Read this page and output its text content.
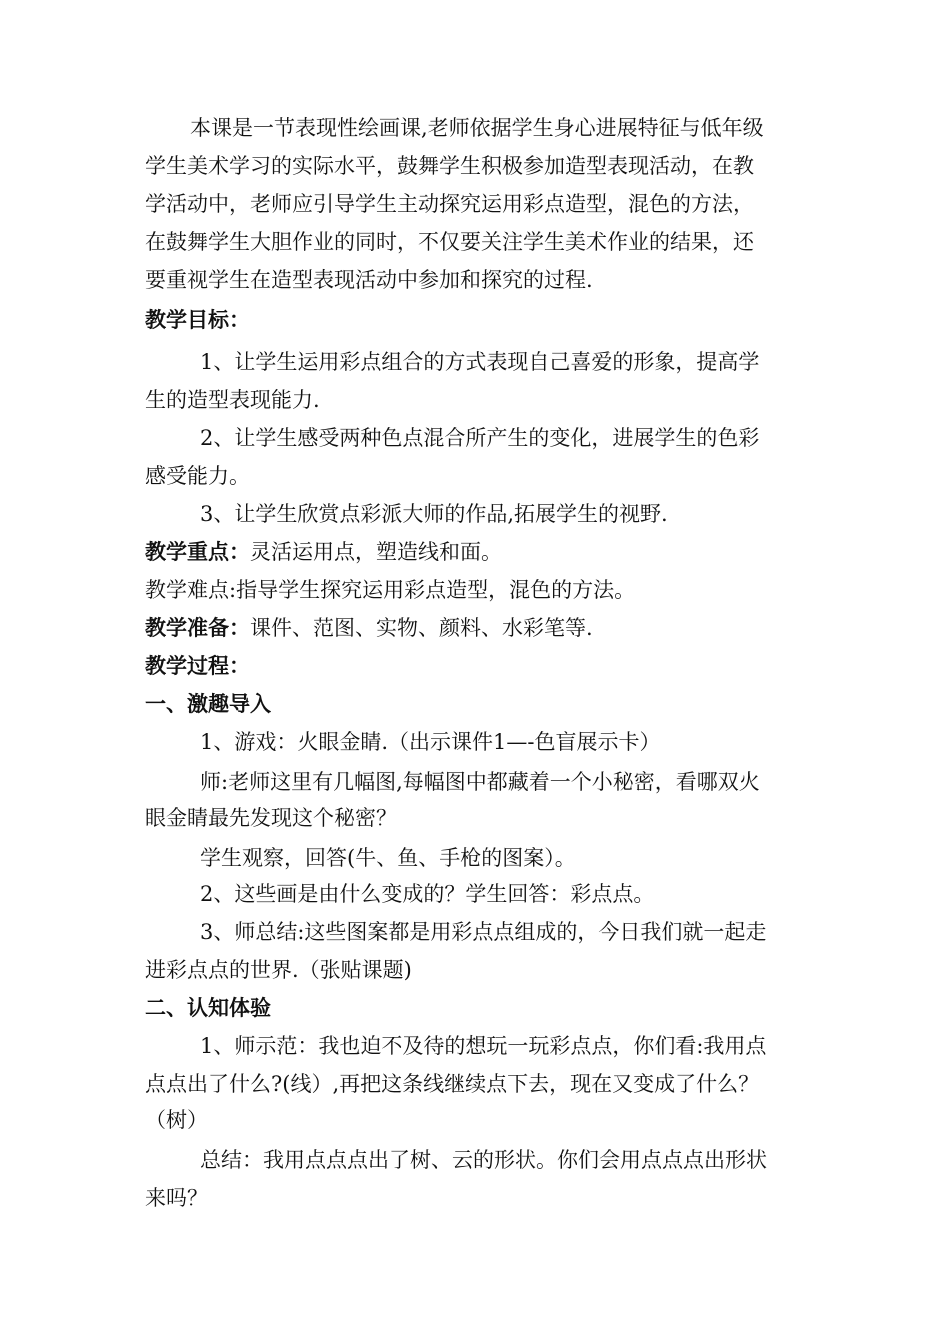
本课是一节表现性绘画课,老师依据学生身心进展特征与低年级
学生美术学习的实际水平，鼓舞学生积极参加造型表现活动，在教
学活动中，老师应引导学生主动探究运用彩点造型，混色的方法，
在鼓舞学生大胆作业的同时，不仅要关注学生美术作业的结果，还
要重视学生在造型表现活动中参加和探究的过程.
教学目标：
1、让学生运用彩点组合的方式表现自己喜爱的形象，提高学
生的造型表现能力.
2、让学生感受两种色点混合所产生的变化，进展学生的色彩
感受能力。
3、让学生欣赏点彩派大师的作品,拓展学生的视野.
教学重点：灵活运用点，塑造线和面。
教学难点:指导学生探究运用彩点造型，混色的方法。
教学准备：课件、范图、实物、颜料、水彩笔等.
教学过程：
一、激趣导入
1、游戏：火眼金睛.（出示课件1—-色盲展示卡）
师:老师这里有几幅图,每幅图中都藏着一个小秘密，看哪双火
眼金睛最先发现这个秘密？
学生观察，回答(牛、鱼、手枪的图案）。
2、这些画是由什么变成的？学生回答：彩点点。
3、师总结:这些图案都是用彩点点组成的，今日我们就一起走
进彩点点的世界.（张贴课题)
二、认知体验
1、师示范：我也迫不及待的想玩一玩彩点点，你们看:我用点
点点出了什么?(线）,再把这条线继续点下去，现在又变成了什么？
（树）
总结：我用点点点出了树、云的形状。你们会用点点点出形状
来吗？
